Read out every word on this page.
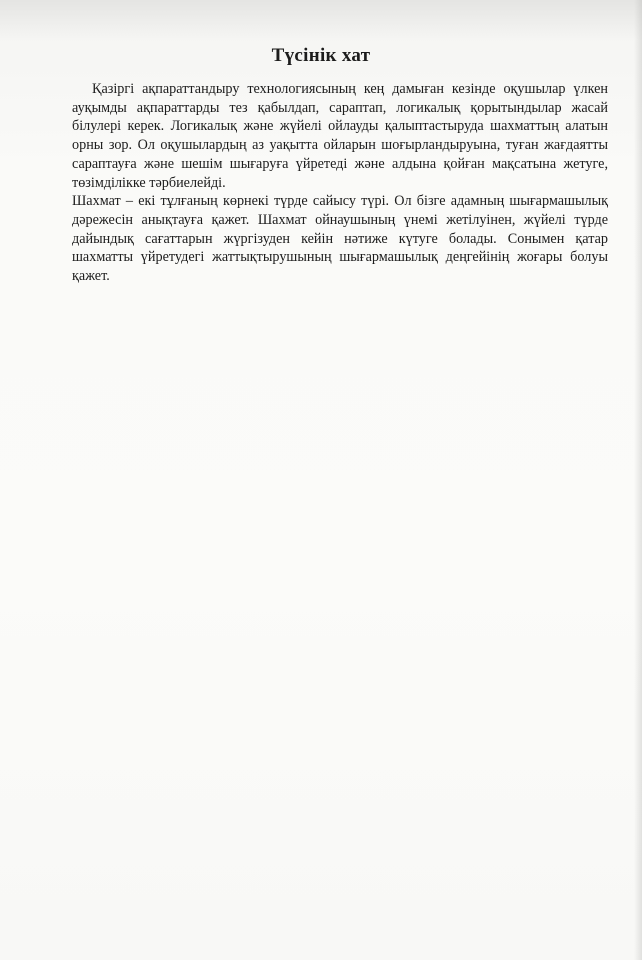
Түсінік хат

Қазіргі ақпараттандыру технологиясының кең дамыған кезінде оқушылар үлкен
ауқымды ақпараттарды тез қабылдап, сараптап, логикалық қорытындылар жасай
білулері керек. Логикалық және жүйелі ойлауды қалыптастыруда шахматтың алатын
орны зор. Ол оқушылардың аз уақытта ойларын шоғырландыруына, туған жағдаятты
сараптауға және шешім шығаруға үйретеді және алдына қойған мақсатына жетуге,
төзімділікке тәрбиелейді.

Шахмат – екі тұлғаның көрнекі түрде сайысу түрі. Ол бізге адамның шығармашылық
дәрежесін анықтауға қажет. Шахмат ойнаушының үнемі жетілуінен, жүйелі түрде
дайындық сағаттарын жүргізуден кейін нәтиже күтуге болады. Сонымен қатар
шахматты үйретудегі жаттықтырушының шығармашылық деңгейінің жоғары болуы
қажет.
